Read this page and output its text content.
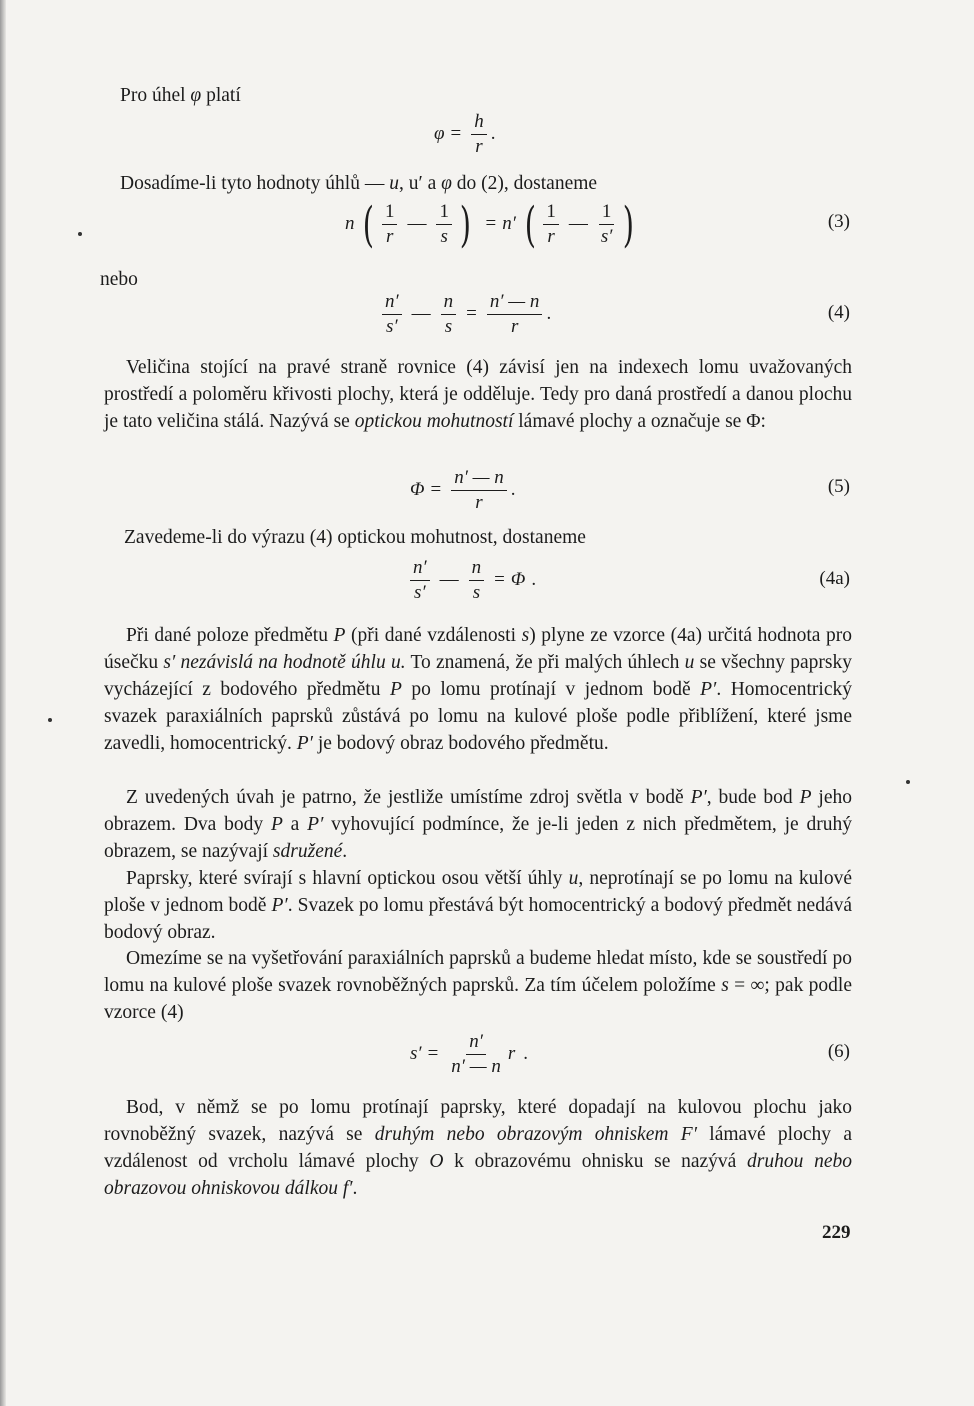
Pro úhel φ platí
$\varphi = \frac{h}{r}$ .
Dosadíme-li tyto hodnoty úhlů — u, u′ a φ do (2), dostaneme
n ( $\frac{1}{r}$ — $\frac{1}{s}$ ) = n′ ( $\frac{1}{r}$ — $\frac{1}{s'}$ )	(3)
nebo
$\frac{n'}{s'}$ — $\frac{n}{s} = \frac{n' — n}{r}$ .	(4)
Veličina stojící na pravé straně rovnice (4) závisí jen na indexech lomu uvažovaných prostředí a poloměru křivosti plochy, která je odděluje. Tedy pro daná prostředí a danou plochu je tato veličina stálá. Nazývá se optickou mohutností lámavé plochy a označuje se Φ:
$\Phi = \frac{n' — n}{r}$ .	(5)
Zavedeme-li do výrazu (4) optickou mohutnost, dostaneme
$\frac{n'}{s'}$ — $\frac{n}{s} = \Phi$ .	(4a)
Při dané poloze předmětu P (při dané vzdálenosti s) plyne ze vzorce (4a) určitá hodnota pro úsečku s′ nezávislá na hodnotě úhlu u. To znamená, že při malých úhlech u se všechny paprsky vycházející z bodového předmětu P po lomu protínají v jednom bodě P′. Homocentrický svazek paraxiálních paprsků zůstává po lomu na kulové ploše podle přiblížení, které jsme zavedli, homocentrický. P′ je bodový obraz bodového předmětu.
Z uvedených úvah je patrno, že jestliže umístíme zdroj světla v bodě P′, bude bod P jeho obrazem. Dva body P a P′ vyhovující podmínce, že je-li jeden z nich předmětem, je druhý obrazem, se nazývají sdružené.
Paprsky, které svírají s hlavní optickou osou větší úhly u, neprotínají se po lomu na kulové ploše v jednom bodě P′. Svazek po lomu přestává být homocentrický a bodový předmět nedává bodový obraz.
Omezíme se na vyšetřování paraxiálních paprsků a budeme hledat místo, kde se soustředí po lomu na kulové ploše svazek rovnoběžných paprsků. Za tím účelem položíme s = ∞; pak podle vzorce (4)
$s' = \frac{n'}{n' — n}$ r .	(6)
Bod, v němž se po lomu protínají paprsky, které dopadají na kulovou plochu jako rovnoběžný svazek, nazývá se druhým nebo obrazovým ohniskem F′ lámavé plochy a vzdálenost od vrcholu lámavé plochy O k obrazovému ohnisku se nazývá druhou nebo obrazovou ohniskovou dálkou f′.
229
